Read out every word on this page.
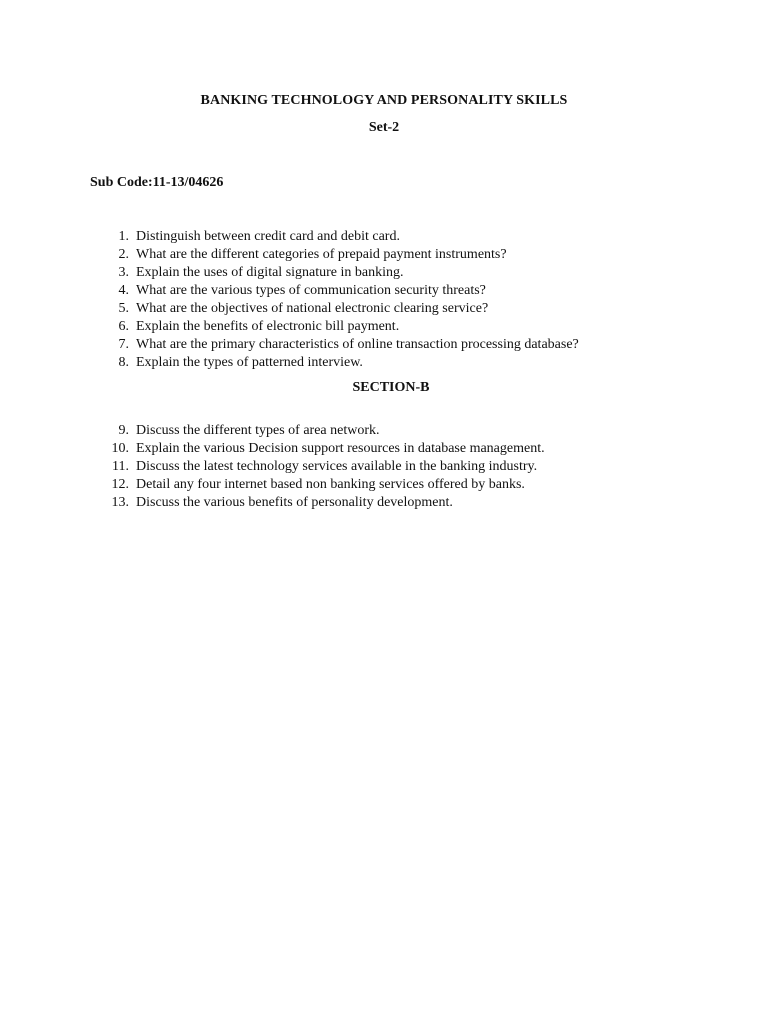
BANKING TECHNOLOGY AND PERSONALITY SKILLS
Set-2
Sub Code:11-13/04626
1. Distinguish between credit card and debit card.
2. What are the different categories of prepaid payment instruments?
3. Explain the uses of digital signature in banking.
4. What are the various types of communication security threats?
5. What are the objectives of national electronic clearing service?
6. Explain the benefits of electronic bill payment.
7. What are the primary characteristics of online transaction processing database?
8. Explain the types of patterned interview.
SECTION-B
9. Discuss the different types of area network.
10. Explain the various Decision support resources in database management.
11. Discuss the latest technology services available in the banking industry.
12. Detail any four internet based non banking services offered by banks.
13. Discuss the various benefits of personality development.
